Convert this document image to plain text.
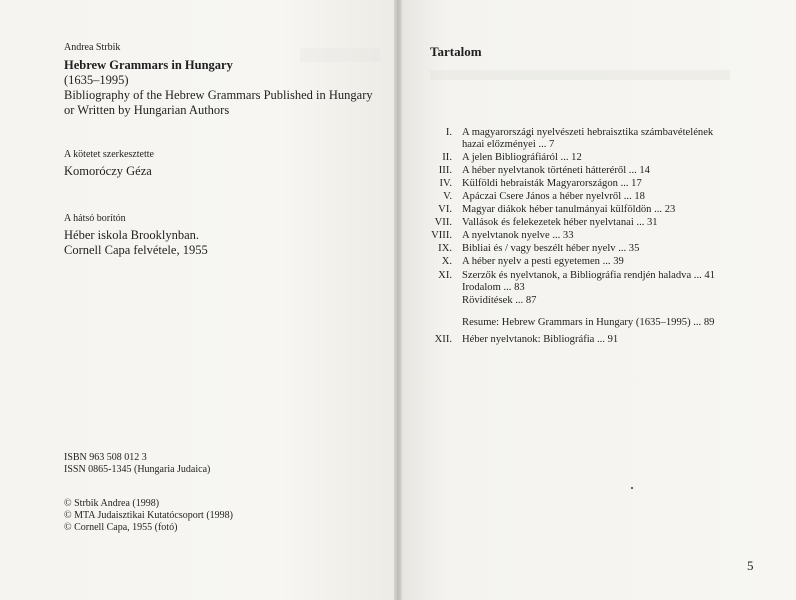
Andrea Strbik
Hebrew Grammars in Hungary
(1635–1995)
Bibliography of the Hebrew Grammars Published in Hungary
or Written by Hungarian Authors
A kötetet szerkesztette
Komoróczy Géza
A hátsó borítón
Héber iskola Brooklynban.
Cornell Capa felvétele, 1955
ISBN 963 508 012 3
ISSN 0865-1345 (Hungaria Judaica)
© Strbik Andrea (1998)
© MTA Judaisztikai Kutatócsoport (1998)
© Cornell Capa, 1955 (fotó)
Tartalom
I. A magyarországi nyelvészeti hebraisztika számbavételének
hazai előzményei ... 7
II. A jelen Bibliográfiáról ... 12
III. A héber nyelvtanok történeti hátteréről ... 14
IV. Külföldi hebraisták Magyarországon ... 17
V. Apáczai Csere János a héber nyelvről ... 18
VI. Magyar diákok héber tanulmányai külföldön ... 23
VII. Vallások és felekezetek héber nyelvtanai ... 31
VIII. A nyelvtanok nyelve ... 33
IX. Bibliai és / vagy beszélt héber nyelv ... 35
X. A héber nyelv a pesti egyetemen ... 39
XI. Szerzők és nyelvtanok, a Bibliográfia rendjén haladva ... 41
Irodalom ... 83
Rövidítések ... 87
Resume: Hebrew Grammars in Hungary (1635–1995) ... 89
XII. Héber nyelvtanok: Bibliográfia ... 91
5
